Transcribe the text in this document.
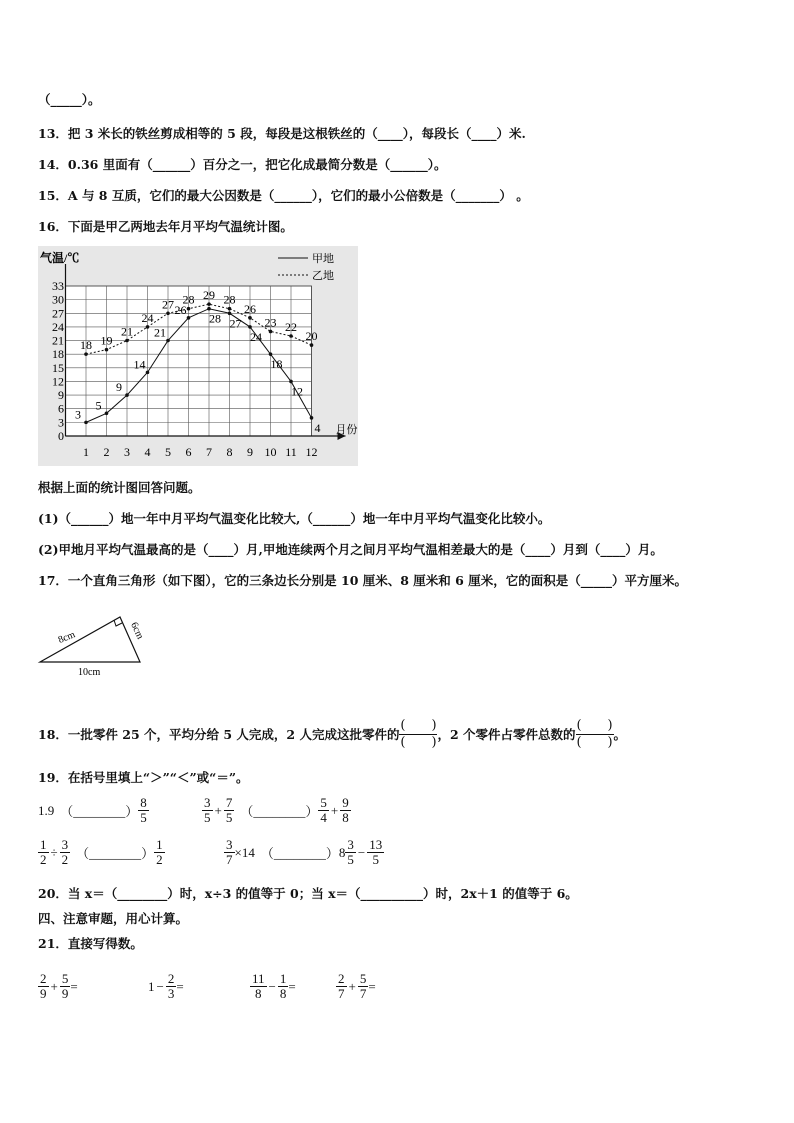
（_____）。
13．把 3 米长的铁丝剪成相等的 5 段，每段是这根铁丝的（____），每段长（____）米.
14．0.36 里面有（______）百分之一，把它化成最简分数是（______）。
15．A 与 8 互质，它们的最大公因数是（______），它们的最小公倍数是（_______） 。
16．下面是甲乙两地去年月平均气温统计图。
0
3
6
9
12
15
18
21
24
27
30
33
1 2 3 4 5 6 7 8 9 10 11 12
气温/℃
月份
甲地
乙地
3
5
9
14
21
26
28 27
24
18
12
4
18 19
21
24
27 28 29 28
26
23 22
20
根据上面的统计图回答问题。
(1)（______）地一年中月平均气温变化比较大,（______）地一年中月平均气温变化比较小。
(2)甲地月平均气温最高的是（____）月,甲地连续两个月之间月平均气温相差最大的是（____）月到（____）月。
17．一个直角三角形（如下图），它的三条边长分别是 10 厘米、8 厘米和 6 厘米，它的面积是（_____）平方厘米。
8cm	6cm
10cm
18．一批零件 25 个，平均分给 5 人完成，2 人完成这批零件的
(　　)
(　　)
，2 个零件占零件总数的
(　　)
(　　)
。
19．在括号里填上“＞”“＜”或“＝”。
1.9 （________） $\frac{8}{5}$	$\frac{3}{5} + \frac{7}{5}$ （________） $\frac{5}{4} + \frac{9}{8}$
$\frac{1}{2} \div \frac{3}{2}$ （________） $\frac{1}{2}$	$\frac{3}{7} \times 14$ （________） $8 \frac{3}{5} - \frac{13}{5}$
20．当 x＝（________）时，x÷3 的值等于 0；当 x＝（__________）时，2x＋1 的值等于 6。
四、注意审题，用心计算。
21．直接写得数。
$\frac{2}{9} + \frac{5}{9}$ =	$1 - \frac{2}{3}$ =	$\frac{11}{8} - \frac{1}{8}$ =	$\frac{2}{7} + \frac{5}{7}$ =
